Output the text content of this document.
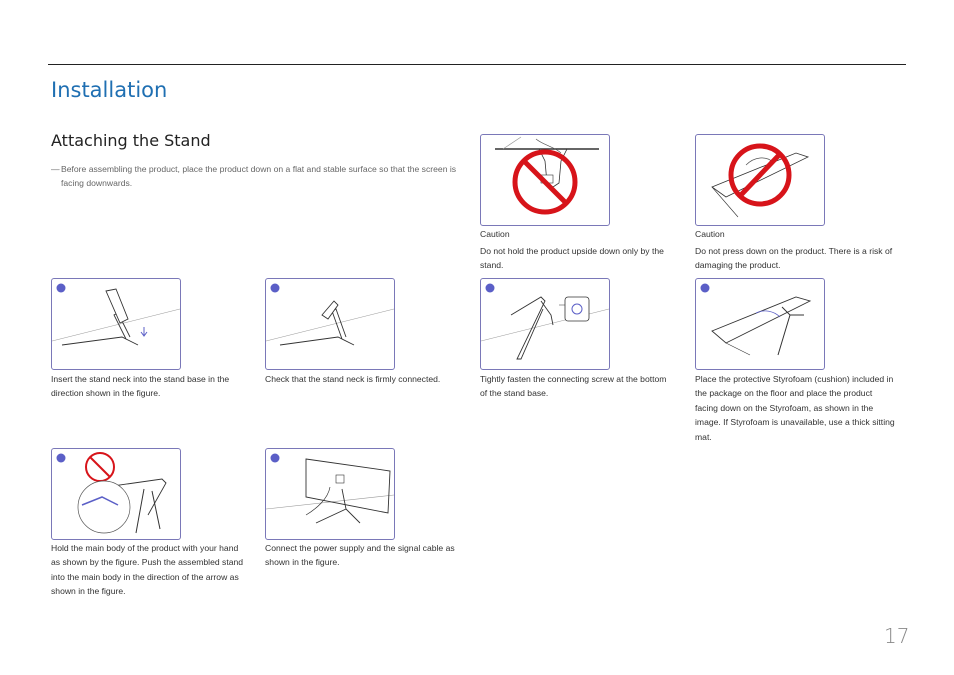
Installation
Attaching the Stand
— Before assembling the product, place the product down on a flat and stable surface so that the screen is facing downwards.
Caution
Do not hold the product upside down only by the stand.
Caution
Do not press down on the product. There is a risk of damaging the product.
Insert the stand neck into the stand base in the direction shown in the figure.
Check that the stand neck is firmly connected.	Tightly fasten the connecting screw at the bottom of the stand base.
Place the protective Styrofoam (cushion) included in the package on the floor and place the product facing down on the Styrofoam, as shown in the image. If Styrofoam is unavailable, use a thick sitting mat.
Hold the main body of the product with your hand as shown by the figure. Push the assembled stand into the main body in the direction of the arrow as shown in the figure.
Connect the power supply and the signal cable as shown in the figure.
17
